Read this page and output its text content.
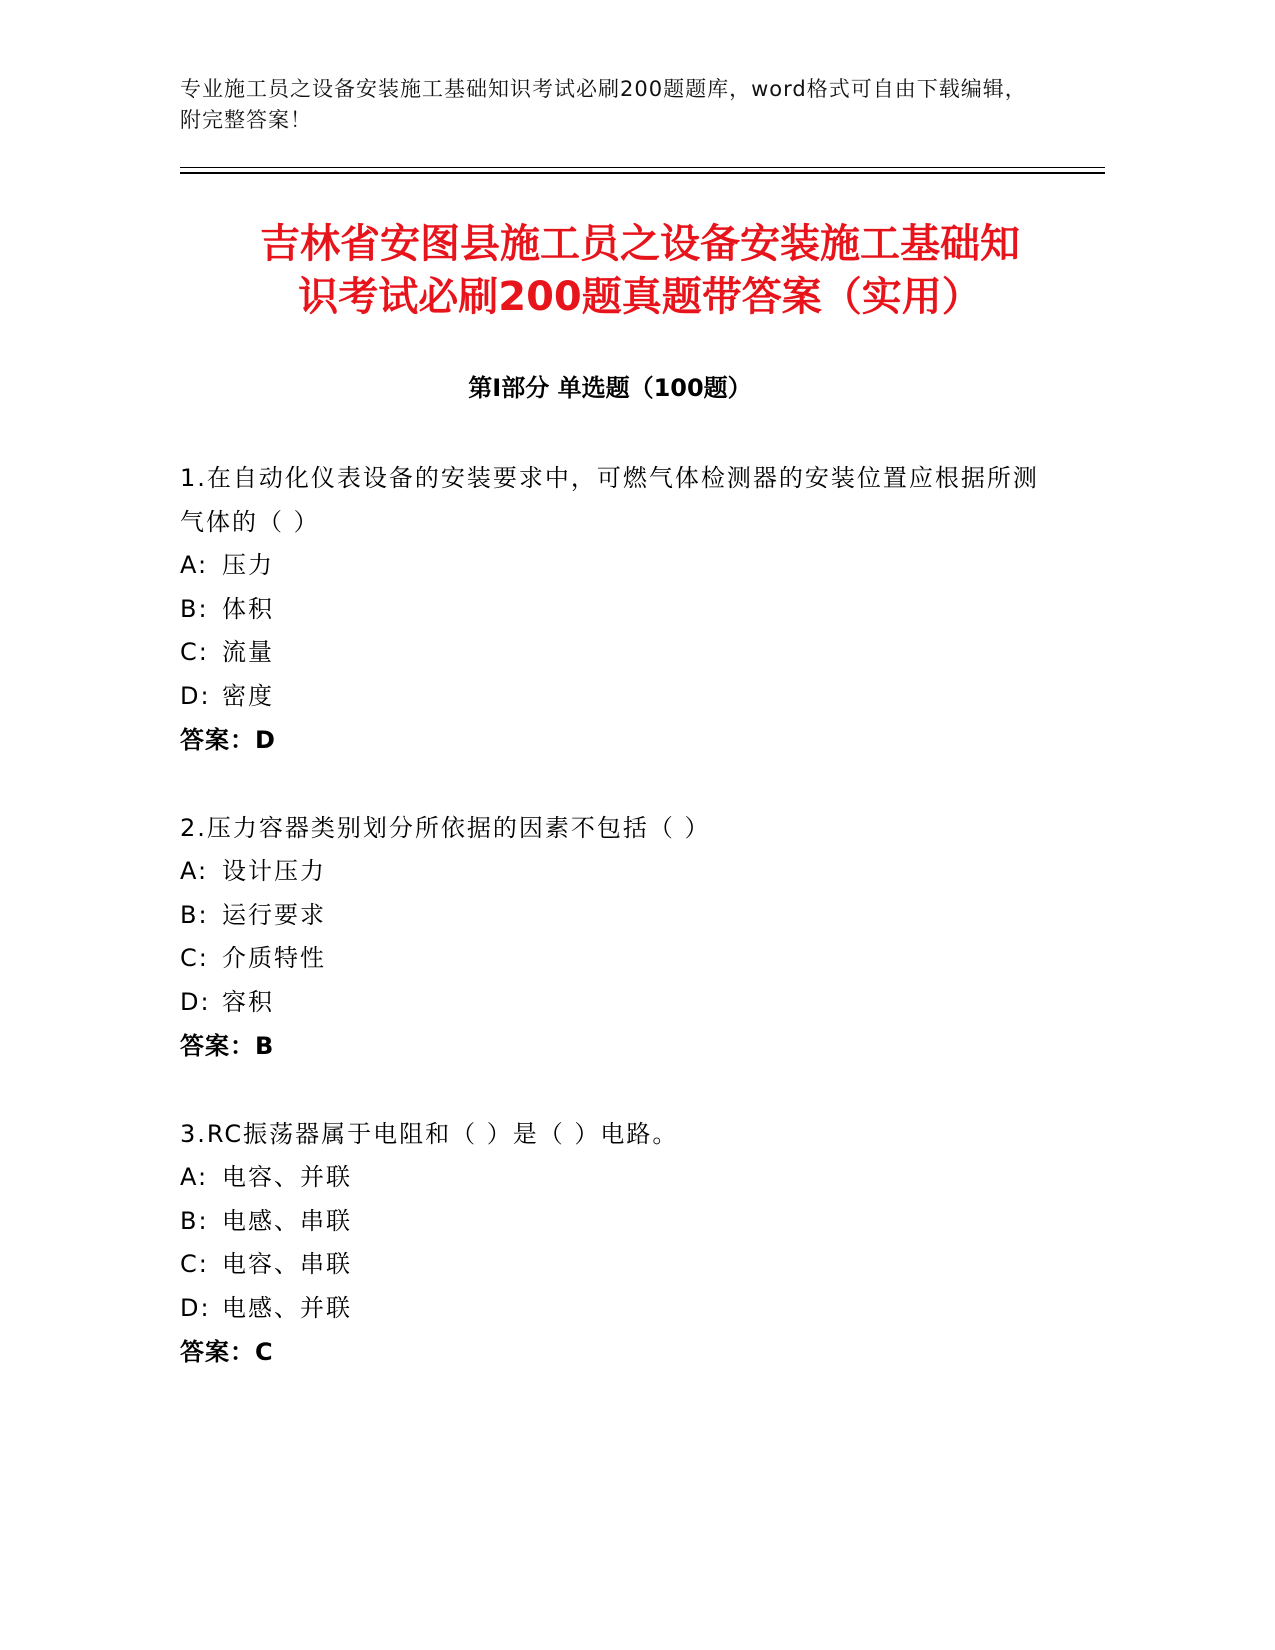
专业施工员之设备安装施工基础知识考试必刷200题题库，word格式可自由下载编辑，附完整答案！
吉林省安图县施工员之设备安装施工基础知
识考试必刷200题真题带答案（实用）
第Ⅰ部分 单选题（100题）
1.在自动化仪表设备的安装要求中，可燃气体检测器的安装位置应根据所测气体的（ ）
A: 压力
B: 体积
C: 流量
D: 密度
答案：D
2.压力容器类别划分所依据的因素不包括（ ）
A: 设计压力
B: 运行要求
C: 介质特性
D: 容积
答案：B
3.RC振荡器属于电阻和（ ）是（ ）电路。
A: 电容、并联
B: 电感、串联
C: 电容、串联
D: 电感、并联
答案：C
